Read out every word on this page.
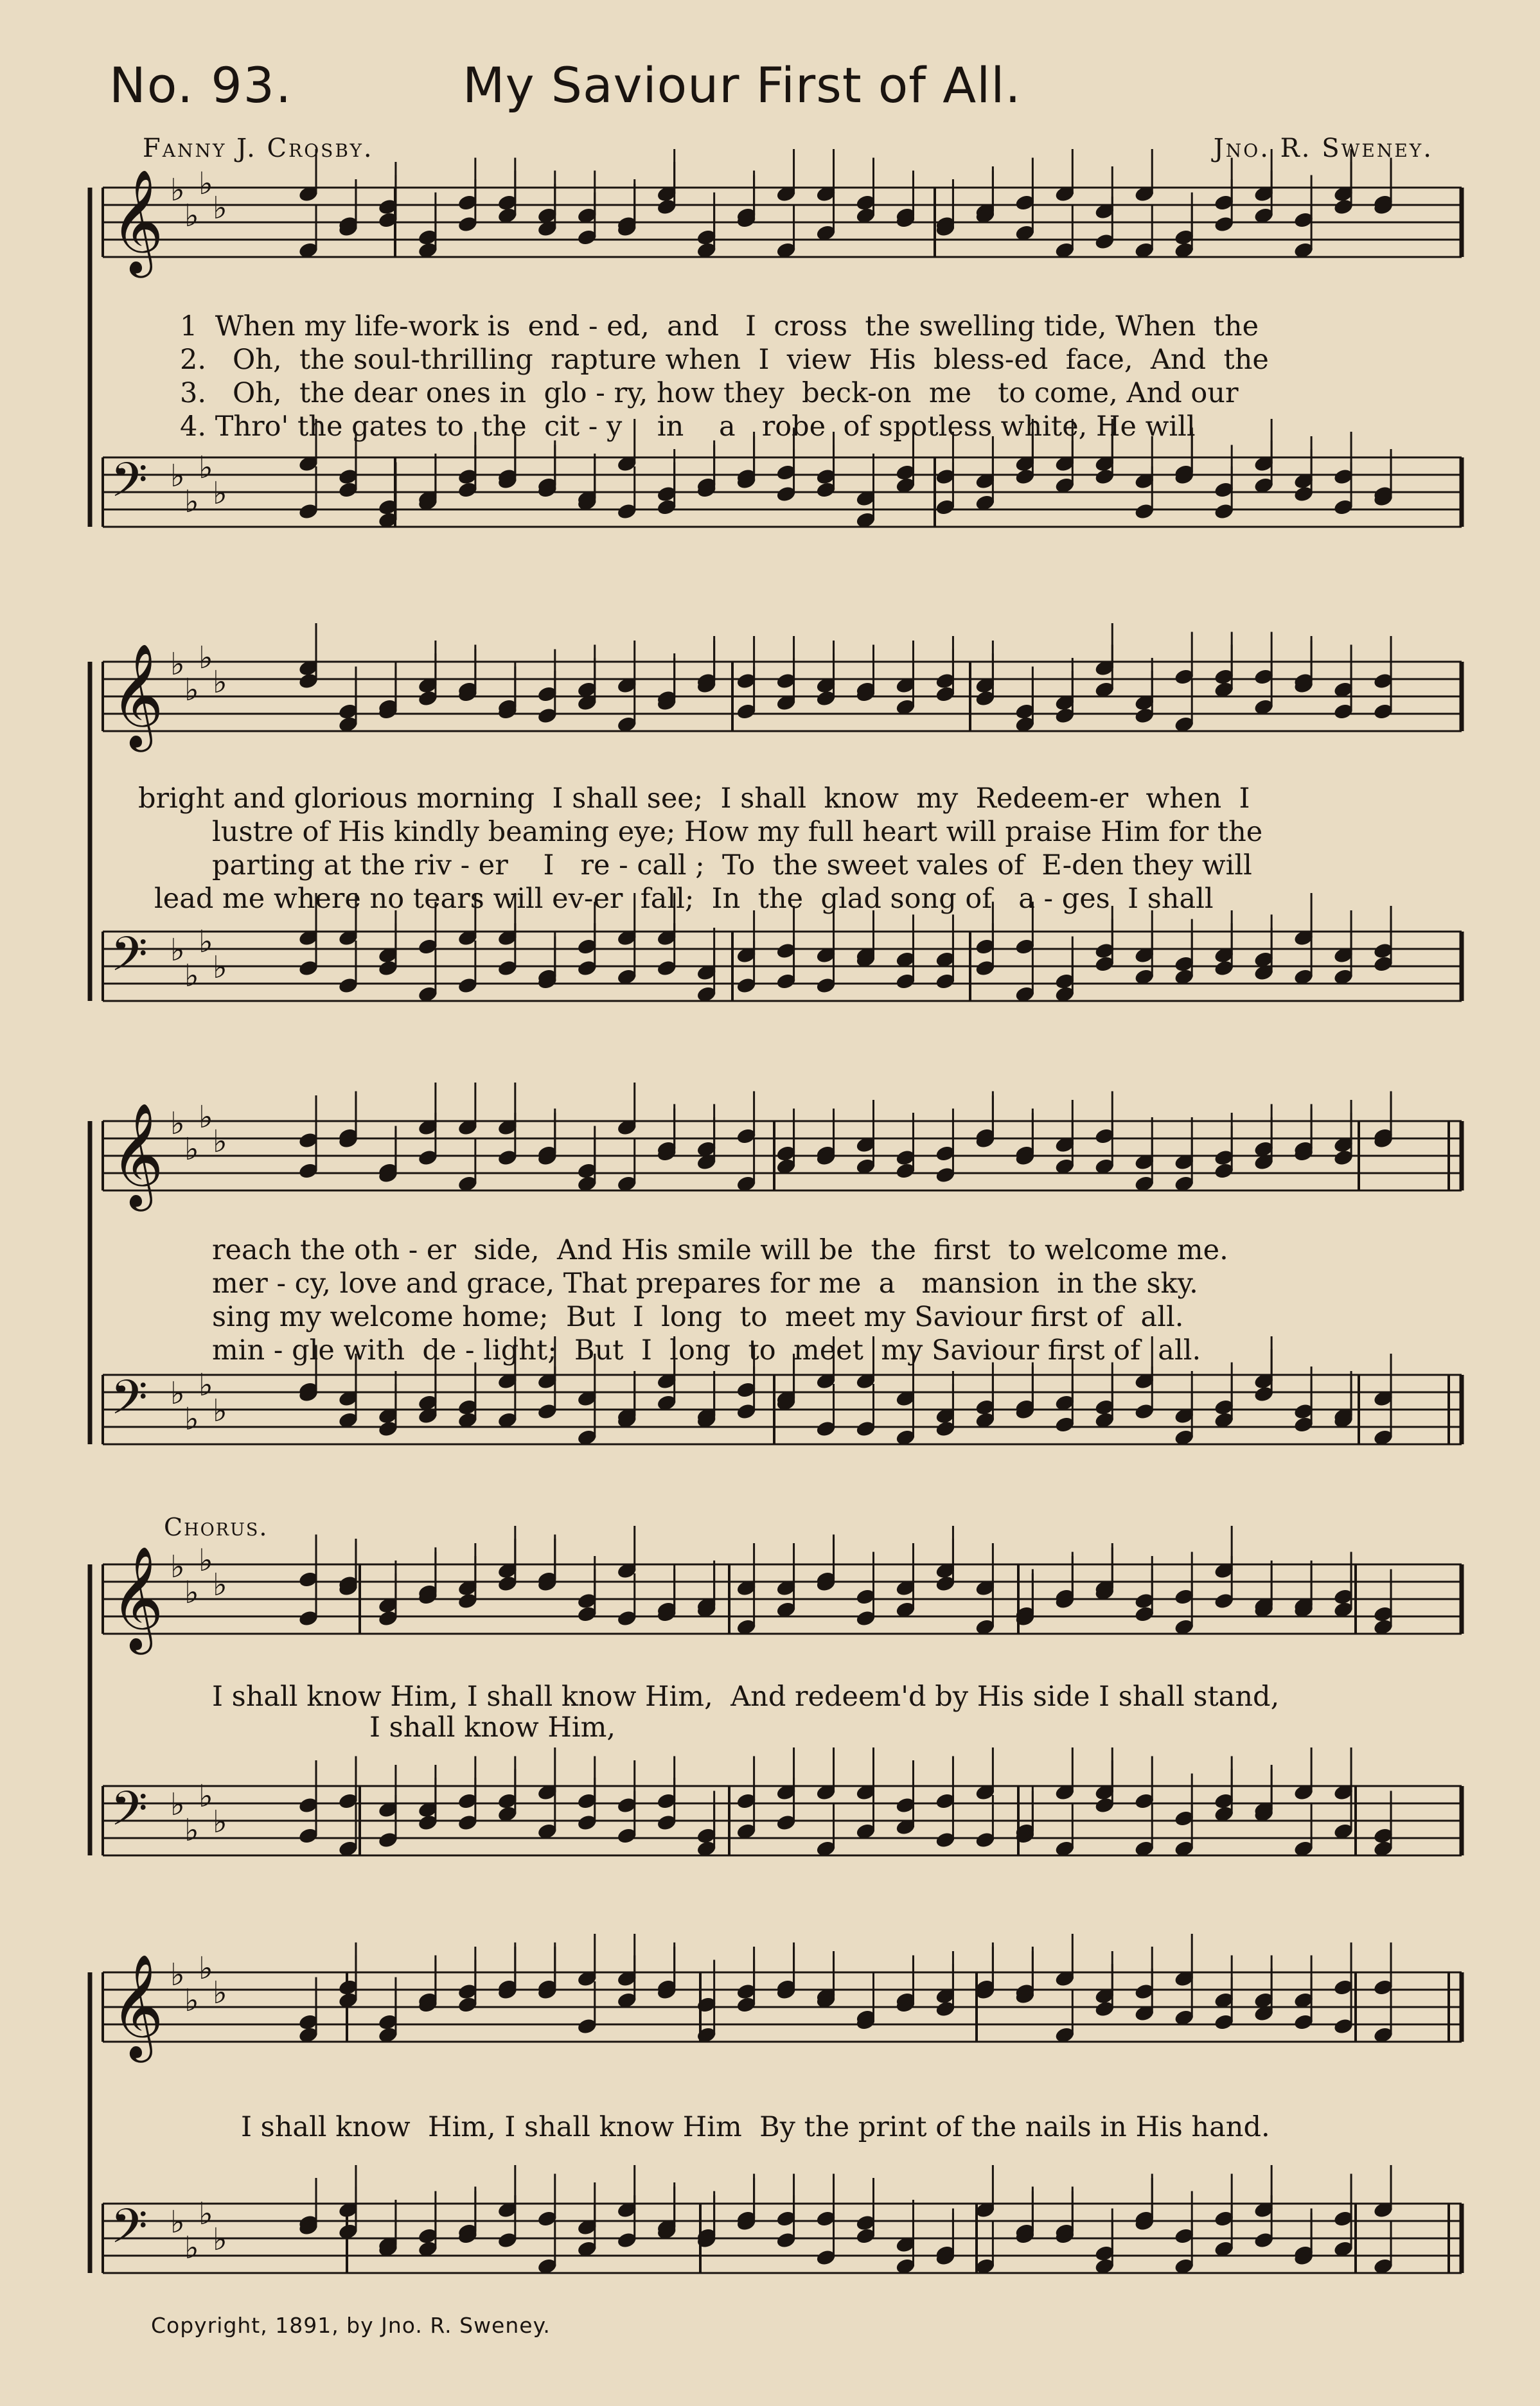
No. 93.	My Saviour First of All.
Fanny J. Crosby.	Jno. R. Sweney.
𝄞 ♭
♭
♭
♭
𝄢 ♭
♭
♭
♭
𝄞 ♭
♭
♭
♭
𝄢 ♭
♭
♭
♭
𝄞 ♭
♭
♭
♭
𝄢 ♭
♭
♭
♭
𝄞 ♭
♭
♭
♭
𝄢 ♭
♭
♭
♭
𝄞 ♭
♭
♭
♭
𝄢 ♭
♭
♭
♭
1  When my life-work is  end - ed,  and   I  cross  the swelling tide, When  the
2.   Oh,  the soul-thrilling  rapture when  I  view  His  bless-ed  face,  And  the
3.   Oh,  the dear ones in  glo - ry, how they  beck-on  me   to come, And our
4. Thro' the gates to  the  cit - y    in    a   robe  of spotless white, He will
bright and glorious morning  I shall see;  I shall  know  my  Redeem-er  when  I
lustre of His kindly beaming eye; How my full heart will praise Him for the
parting at the riv - er    I   re - call ;  To  the sweet vales of  E-den they will
lead me where no tears will ev-er  fall;  In  the  glad song of   a - ges  I shall
reach the oth - er  side,  And His smile will be  the  first  to welcome me.
mer - cy, love and grace, That prepares for me  a   mansion  in the sky.
sing my welcome home;  But  I  long  to  meet my Saviour first of  all.
min - gle with  de - light;  But  I  long  to  meet  my Saviour first of  all.
Chorus.
I shall know Him, I shall know Him,  And redeem'd by His side I shall stand,
I shall know Him,
I shall know  Him, I shall know Him  By the print of the nails in His hand.
Copyright, 1891, by Jno. R. Sweney.
